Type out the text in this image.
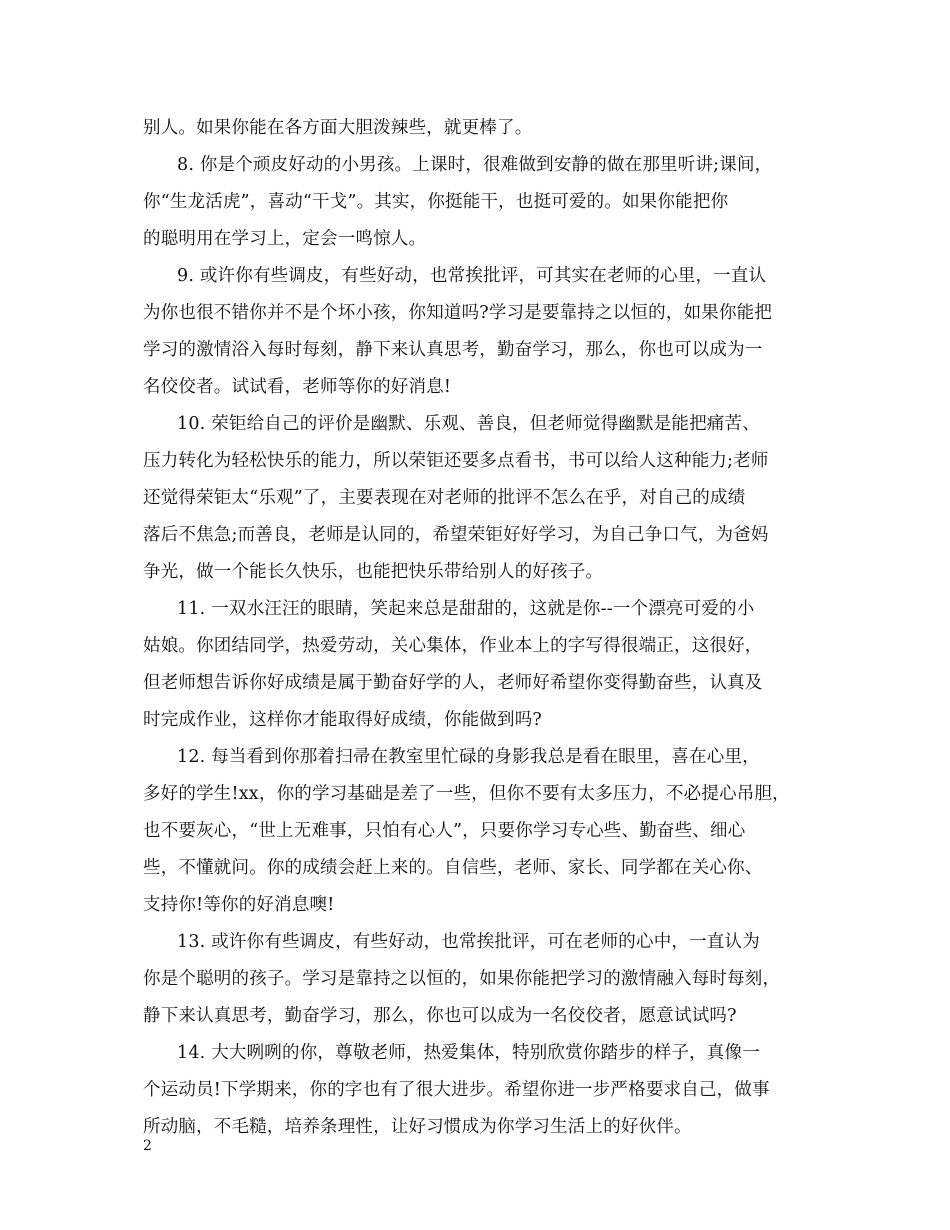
别人。如果你能在各方面大胆泼辣些，就更棒了。
8. 你是个顽皮好动的小男孩。上课时，很难做到安静的做在那里听讲;课间，
你“生龙活虎”，喜动“干戈”。其实，你挺能干，也挺可爱的。如果你能把你
的聪明用在学习上，定会一鸣惊人。
9. 或许你有些调皮，有些好动，也常挨批评，可其实在老师的心里，一直认
为你也很不错你并不是个坏小孩，你知道吗?学习是要靠持之以恒的，如果你能把
学习的激情浴入每时每刻，静下来认真思考，勤奋学习，那么，你也可以成为一
名佼佼者。试试看，老师等你的好消息!
10. 荣钜给自己的评价是幽默、乐观、善良，但老师觉得幽默是能把痛苦、
压力转化为轻松快乐的能力，所以荣钜还要多点看书，书可以给人这种能力;老师
还觉得荣钜太“乐观”了，主要表现在对老师的批评不怎么在乎，对自己的成绩
落后不焦急;而善良，老师是认同的，希望荣钜好好学习，为自己争口气，为爸妈
争光，做一个能长久快乐，也能把快乐带给别人的好孩子。
11. 一双水汪汪的眼睛，笑起来总是甜甜的，这就是你--一个漂亮可爱的小
姑娘。你团结同学，热爱劳动，关心集体，作业本上的字写得很端正，这很好，
但老师想告诉你好成绩是属于勤奋好学的人，老师好希望你变得勤奋些，认真及
时完成作业，这样你才能取得好成绩，你能做到吗?
12. 每当看到你那着扫帚在教室里忙碌的身影我总是看在眼里，喜在心里，
多好的学生!xx，你的学习基础是差了一些，但你不要有太多压力，不必提心吊胆，
也不要灰心，“世上无难事，只怕有心人”，只要你学习专心些、勤奋些、细心
些，不懂就问。你的成绩会赶上来的。自信些，老师、家长、同学都在关心你、
支持你!等你的好消息噢!
13. 或许你有些调皮，有些好动，也常挨批评，可在老师的心中，一直认为
你是个聪明的孩子。学习是靠持之以恒的，如果你能把学习的激情融入每时每刻，
静下来认真思考，勤奋学习，那么，你也可以成为一名佼佼者，愿意试试吗?
14. 大大咧咧的你，尊敬老师，热爱集体，特别欣赏你踏步的样子，真像一
个运动员!下学期来，你的字也有了很大进步。希望你进一步严格要求自己，做事
所动脑，不毛糙，培养条理性，让好习惯成为你学习生活上的好伙伴。
2
